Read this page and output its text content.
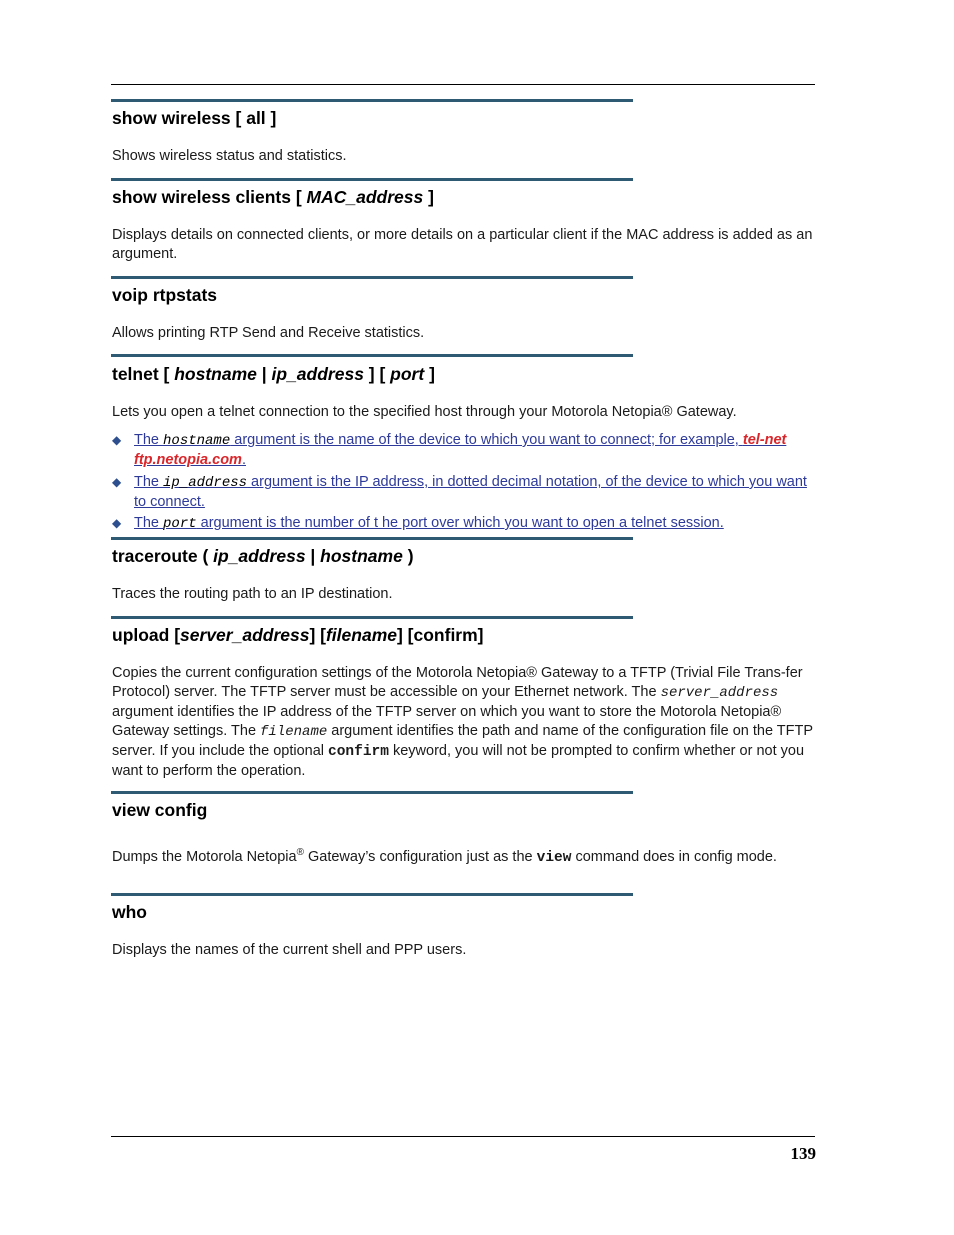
show wireless [ all ]
Shows wireless status and statistics.
show wireless clients [ MAC_address ]
Displays details on connected clients, or more details on a particular client if the MAC address is added as an argument.
voip rtpstats
Allows printing RTP Send and Receive statistics.
telnet [ hostname | ip_address ] [ port ]
Lets you open a telnet connection to the specified host through your Motorola Netopia® Gateway.
◆ The hostname argument is the name of the device to which you want to connect; for example, tel-net ftp.netopia.com.
◆ The ip_address argument is the IP address, in dotted decimal notation, of the device to which you want to connect.
◆ The port argument is the number of t he port over which you want to open a telnet session.
traceroute ( ip_address | hostname )
Traces the routing path to an IP destination.
upload [server_address] [filename] [confirm]
Copies the current configuration settings of the Motorola Netopia® Gateway to a TFTP (Trivial File Trans-fer Protocol) server. The TFTP server must be accessible on your Ethernet network. The server_address argument identifies the IP address of the TFTP server on which you want to store the Motorola Netopia® Gateway settings. The filename argument identifies the path and name of the configuration file on the TFTP server. If you include the optional confirm keyword, you will not be prompted to confirm whether or not you want to perform the operation.
view config
Dumps the Motorola Netopia® Gateway’s configuration just as the view command does in config mode.
who
Displays the names of the current shell and PPP users.
139
